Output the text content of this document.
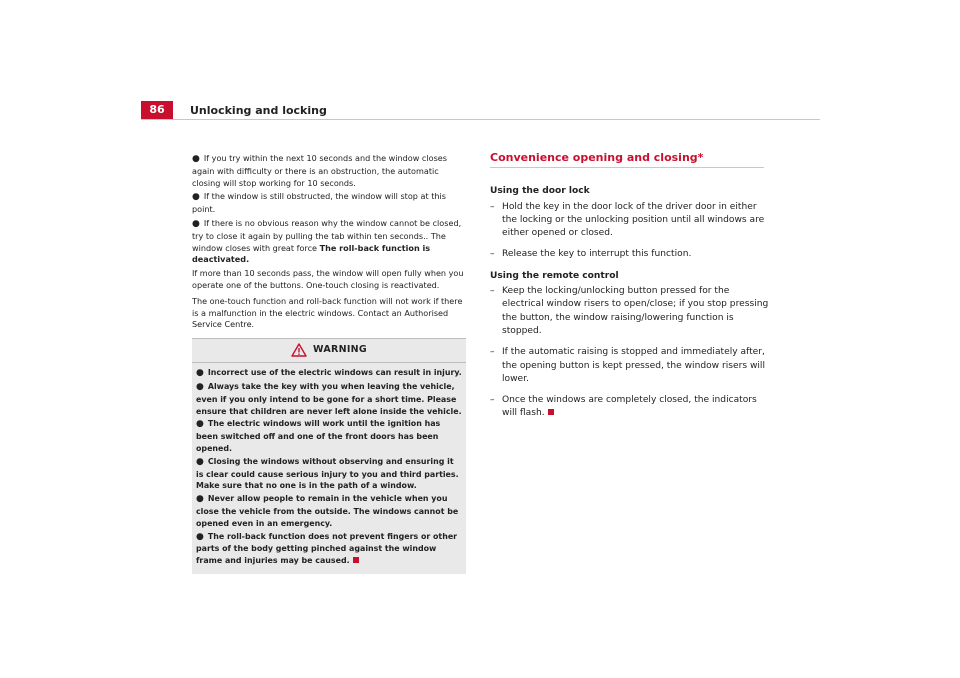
86	Unlocking and locking

● If you try within the next 10 seconds and the window closes again with difficulty or there is an obstruction, the automatic closing will stop working for 10 seconds.

● If the window is still obstructed, the window will stop at this point.

● If there is no obvious reason why the window cannot be closed, try to close it again by pulling the tab within ten seconds.. The window closes with great force The roll-back function is deactivated.

If more than 10 seconds pass, the window will open fully when you operate one of the buttons. One-touch closing is reactivated.

The one-touch function and roll-back function will not work if there is a malfunction in the electric windows. Contact an Authorised Service Centre.

WARNING

● Incorrect use of the electric windows can result in injury.

● Always take the key with you when leaving the vehicle, even if you only intend to be gone for a short time. Please ensure that children are never left alone inside the vehicle.

● The electric windows will work until the ignition has been switched off and one of the front doors has been opened.

● Closing the windows without observing and ensuring it is clear could cause serious injury to you and third parties. Make sure that no one is in the path of a window.

● Never allow people to remain in the vehicle when you close the vehicle from the outside. The windows cannot be opened even in an emergency.

● The roll-back function does not prevent fingers or other parts of the body getting pinched against the window frame and injuries may be caused.

Convenience opening and closing*
Using the door lock
– Hold the key in the door lock of the driver door in either the locking or the unlocking position until all windows are either opened or closed.
– Release the key to interrupt this function.
Using the remote control
– Keep the locking/unlocking button pressed for the electrical window risers to open/close; if you stop pressing the button, the window raising/lowering function is stopped.
– If the automatic raising is stopped and immediately after, the opening button is kept pressed, the window risers will lower.
– Once the windows are completely closed, the indicators will flash.
